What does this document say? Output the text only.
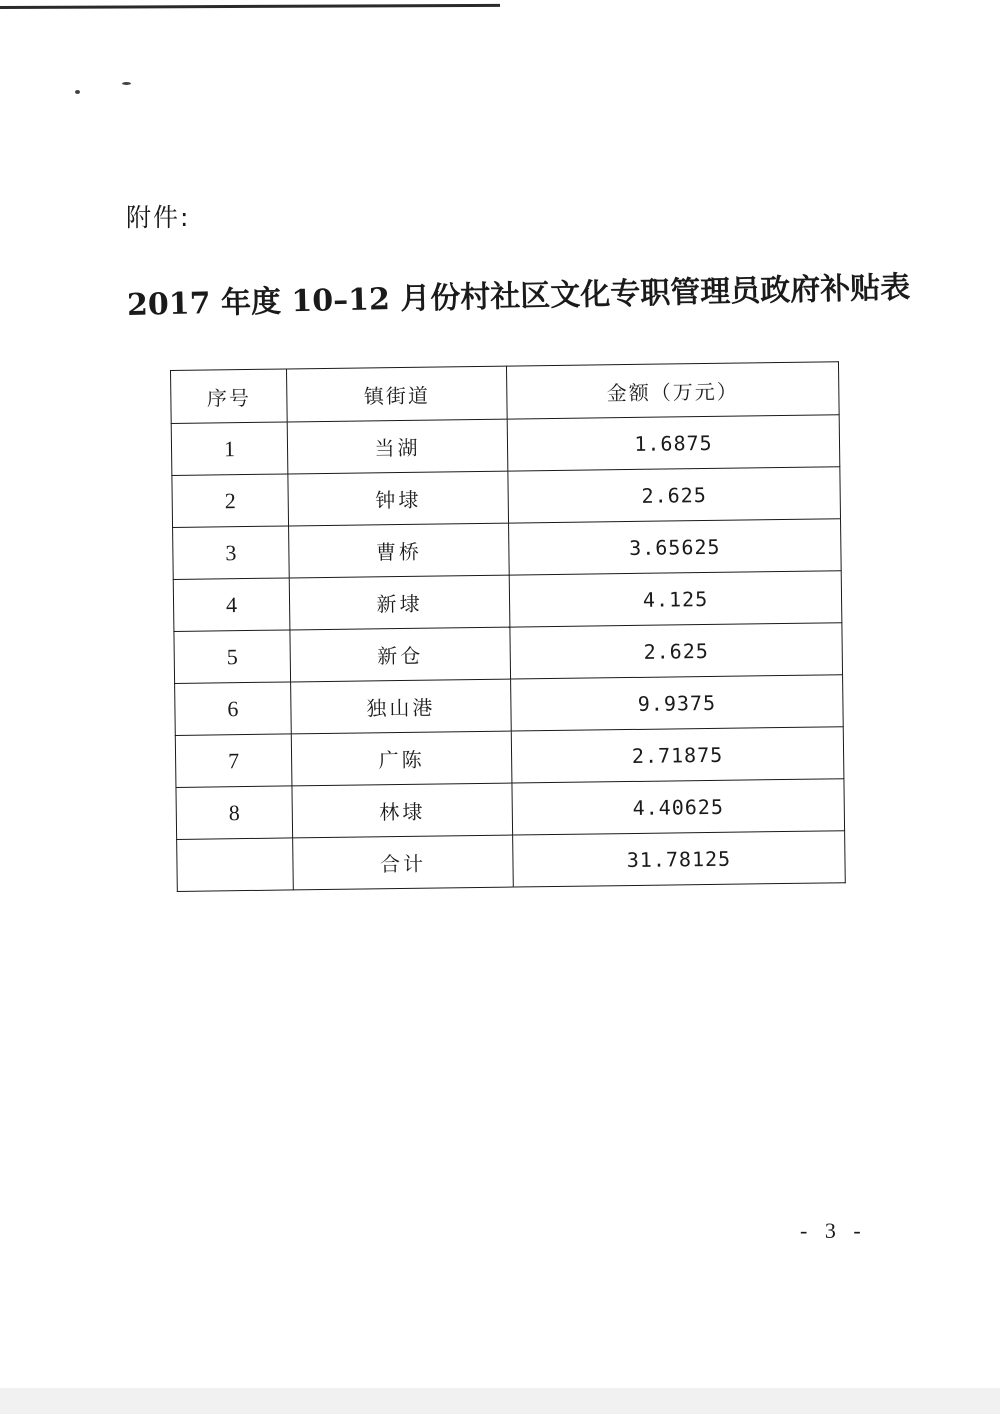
附件:
2017 年度 10–12 月份村社区文化专职管理员政府补贴表
序号	镇街道	金额（万元）
1	当湖	1.6875
2	钟埭	2.625
3	曹桥	3.65625
4	新埭	4.125
5	新仓	2.625
6	独山港	9.9375
7	广陈	2.71875
8	林埭	4.40625
	合计	31.78125
- 3 -
